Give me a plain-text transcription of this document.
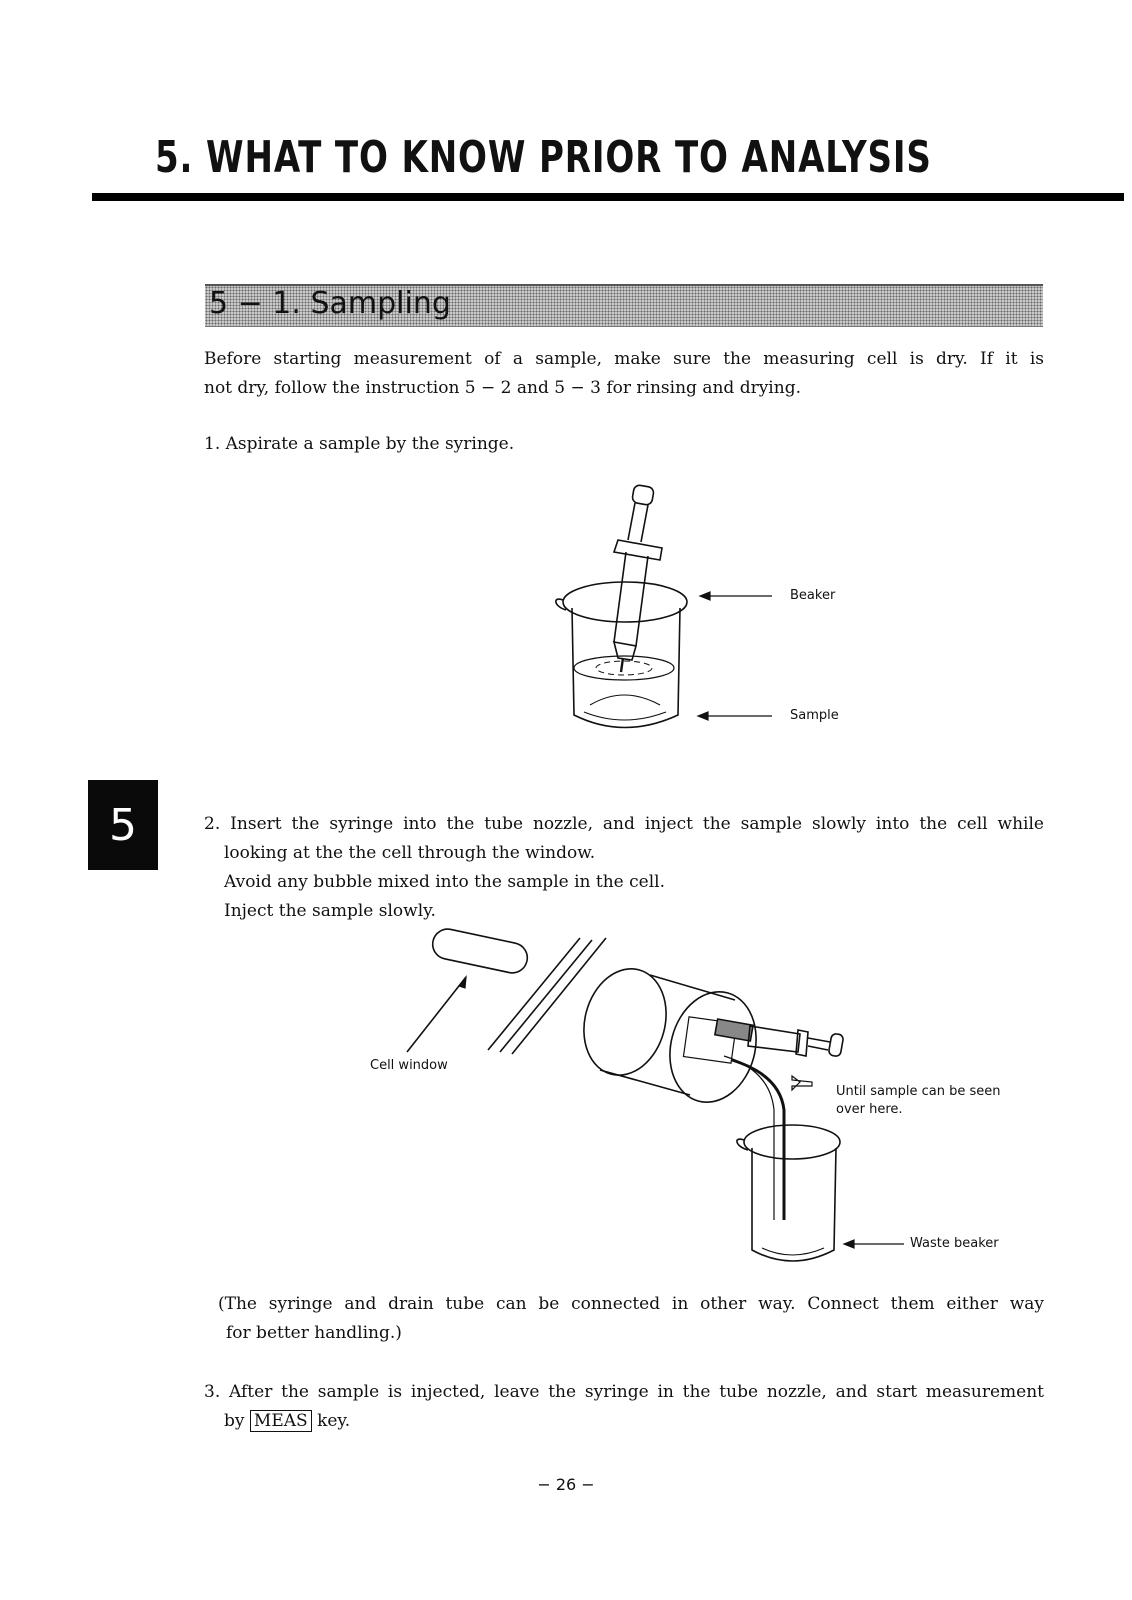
5. WHAT TO KNOW PRIOR TO ANALYSIS
5 − 1. Sampling
Before starting measurement of a sample, make sure the measuring cell is dry. If it is
not dry, follow the instruction 5 − 2 and 5 − 3 for rinsing and drying.
1. Aspirate a sample by the syringe.
Beaker
Sample
5	2. Insert the syringe into the tube nozzle, and inject the sample slowly into the cell while
looking at the the cell through the window.
Avoid any bubble mixed into the sample in the cell.
Inject the sample slowly.
Cell window
Until sample can be seen
over here.
Waste beaker
(The syringe and drain tube can be connected in other way. Connect them either way
for better handling.)
3. After the sample is injected, leave the syringe in the tube nozzle, and start measurement
by MEAS key.
− 26 −
